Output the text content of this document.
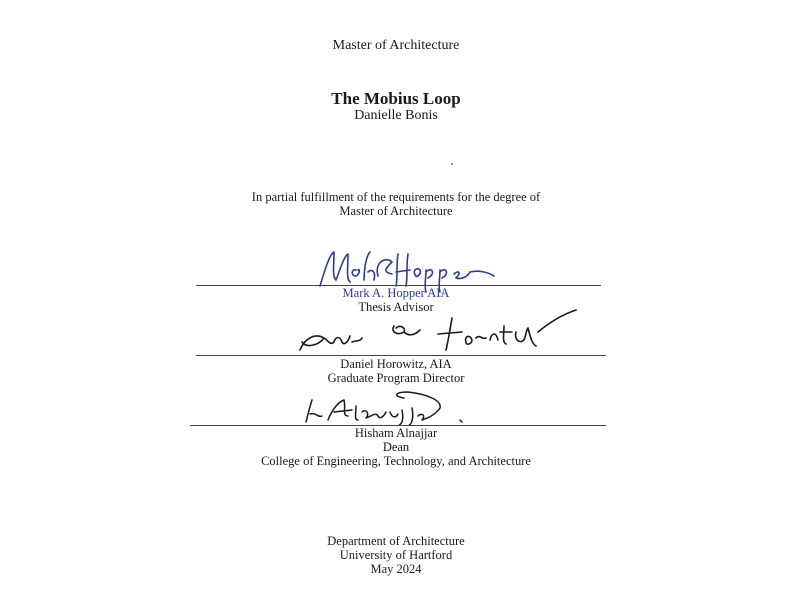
Master of Architecture
The Mobius Loop
Danielle Bonis
In partial fulfillment of the requirements for the degree of
Master of Architecture
Mark A. Hopper AIA
Thesis Advisor
Daniel Horowitz, AIA
Graduate Program Director
Hisham Alnajjar
Dean
College of Engineering, Technology, and Architecture
Department of Architecture
University of Hartford
May 2024
